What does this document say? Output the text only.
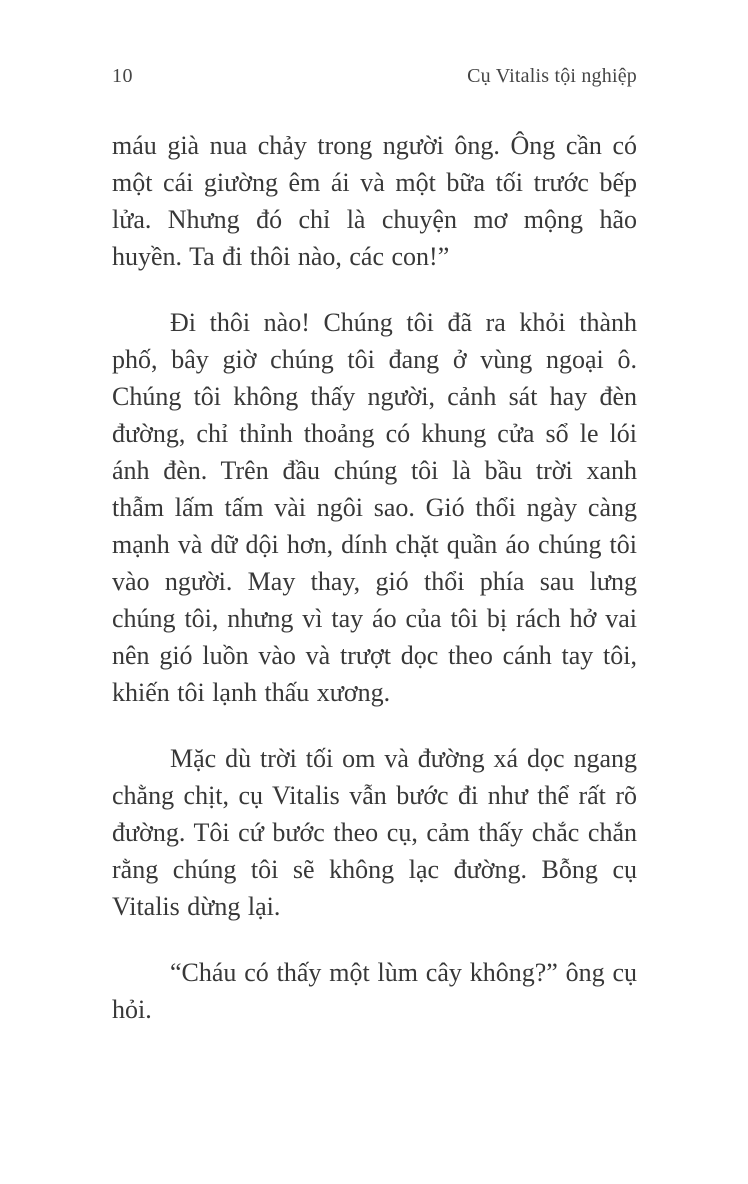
10	Cụ Vitalis tội nghiệp

máu già nua chảy trong người ông. Ông cần có một cái giường êm ái và một bữa tối trước bếp lửa. Nhưng đó chỉ là chuyện mơ mộng hão huyền. Ta đi thôi nào, các con!”

Đi thôi nào! Chúng tôi đã ra khỏi thành phố, bây giờ chúng tôi đang ở vùng ngoại ô. Chúng tôi không thấy người, cảnh sát hay đèn đường, chỉ thỉnh thoảng có khung cửa sổ le lói ánh đèn. Trên đầu chúng tôi là bầu trời xanh thẫm lấm tấm vài ngôi sao. Gió thổi ngày càng mạnh và dữ dội hơn, dính chặt quần áo chúng tôi vào người. May thay, gió thổi phía sau lưng chúng tôi, nhưng vì tay áo của tôi bị rách hở vai nên gió luồn vào và trượt dọc theo cánh tay tôi, khiến tôi lạnh thấu xương.

Mặc dù trời tối om và đường xá dọc ngang chằng chịt, cụ Vitalis vẫn bước đi như thể rất rõ đường. Tôi cứ bước theo cụ, cảm thấy chắc chắn rằng chúng tôi sẽ không lạc đường. Bỗng cụ Vitalis dừng lại.

“Cháu có thấy một lùm cây không?” ông cụ hỏi.
